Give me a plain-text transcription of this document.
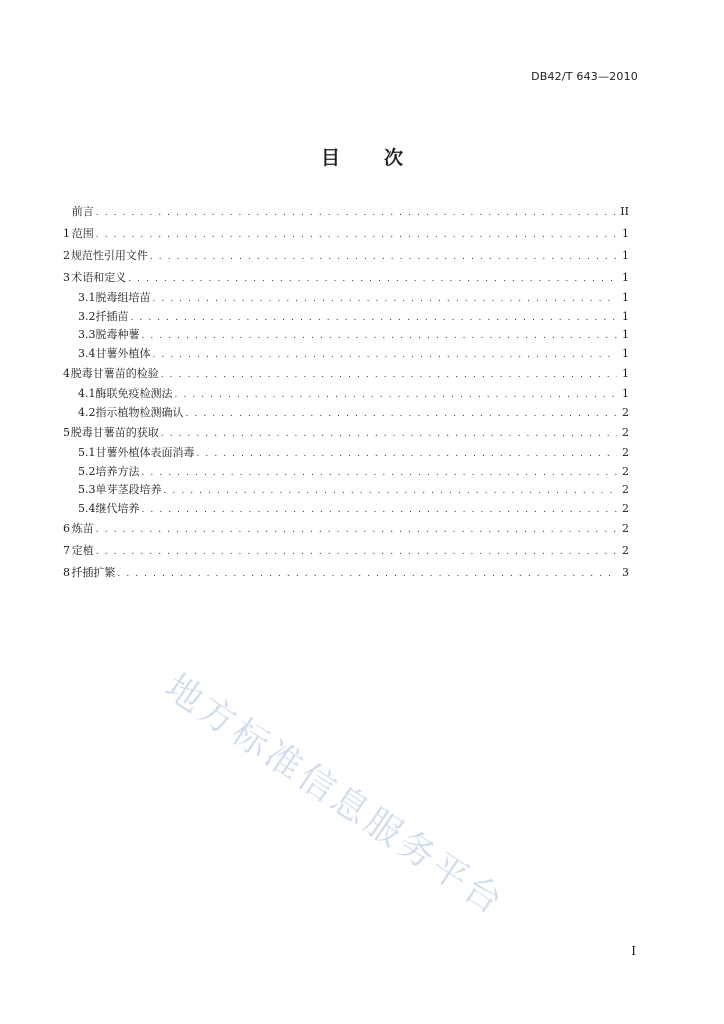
DB42/T 643—2010
目 次
前言 . . .	II
1 范围 . . .	1
2 规范性引用文件 . . .	1
3 术语和定义 . . .	1
3.1 脱毒组培苗 . . .	1
3.2 扦插苗 . . .	1
3.3 脱毒种薯 . . .	1
3.4 甘薯外植体 . . .	1
4 脱毒甘薯苗的检验 . . .	1
4.1 酶联免疫检测法 . . .	1
4.2 指示植物检测确认 . . .	2
5 脱毒甘薯苗的获取 . . .	2
5.1 甘薯外植体表面消毒 . . .	2
5.2 培养方法 . . .	2
5.3 单芽茎段培养 . . .	2
5.4 继代培养 . . .	2
6 炼苗 . . .	2
7 定植 . . .	2
8 扦插扩繁 . . .	3
地方标准信息服务平台
I
